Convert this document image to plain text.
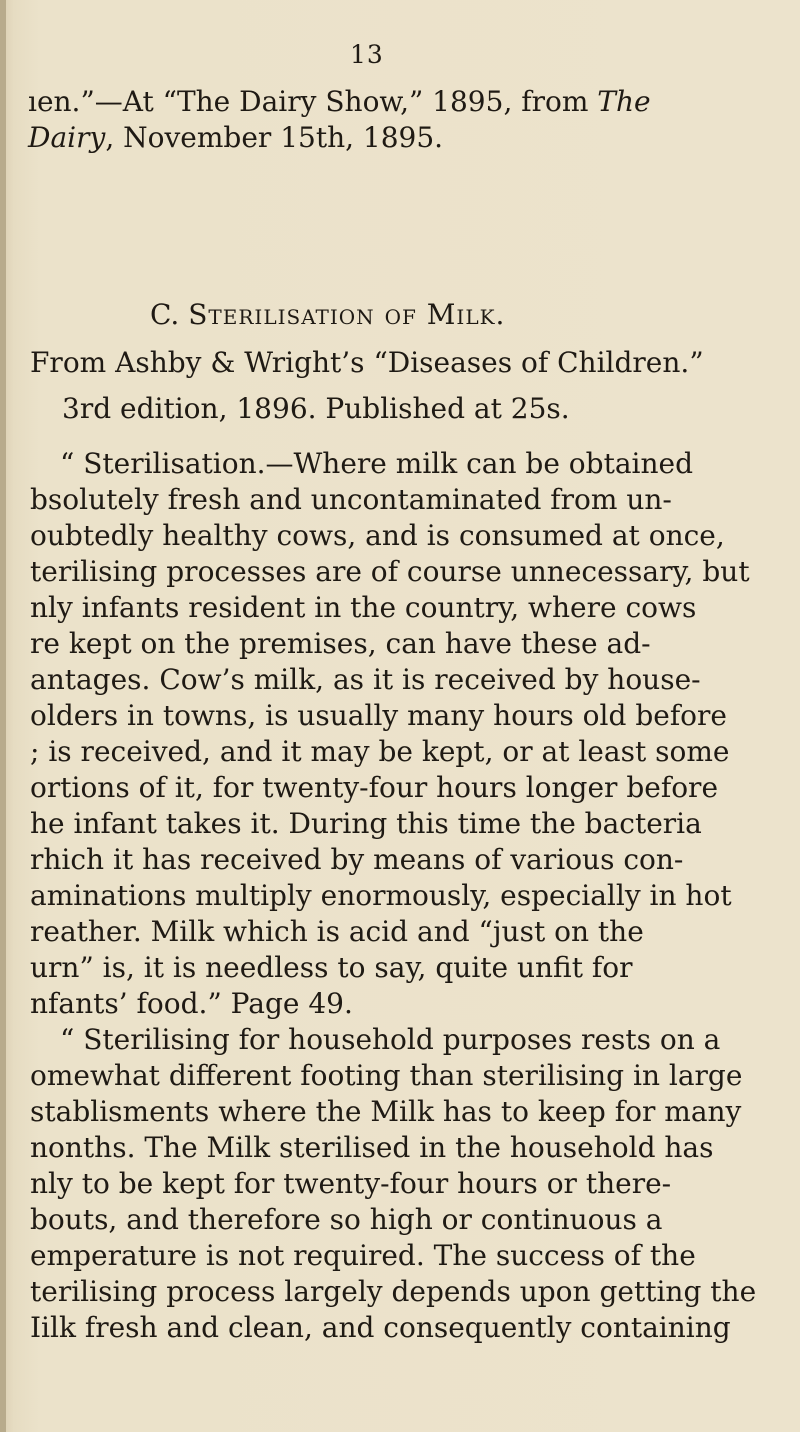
13
ıen.”—At “The Dairy Show,” 1895, from The
Dairy, November 15th, 1895.
C. Sterilisation of Milk.
From Ashby & Wright’s “Diseases of Children.”
3rd edition, 1896. Published at 25s.
“ Sterilisation.—Where milk can be obtained
bsolutely fresh and uncontaminated from un-
oubtedly healthy cows, and is consumed at once,
terilising processes are of course unnecessary, but
nly infants resident in the country, where cows
re kept on the premises, can have these ad-
antages. Cow’s milk, as it is received by house-
olders in towns, is usually many hours old before
; is received, and it may be kept, or at least some
ortions of it, for twenty-four hours longer before
he infant takes it. During this time the bacteria
rhich it has received by means of various con-
aminations multiply enormously, especially in hot
reather. Milk which is acid and “just on the
urn” is, it is needless to say, quite unfit for
nfants’ food.” Page 49.
“ Sterilising for household purposes rests on a
omewhat different footing than sterilising in large
stablisments where the Milk has to keep for many
nonths. The Milk sterilised in the household has
nly to be kept for twenty-four hours or there-
bouts, and therefore so high or continuous a
emperature is not required. The success of the
terilising process largely depends upon getting the
Iilk fresh and clean, and consequently containing
